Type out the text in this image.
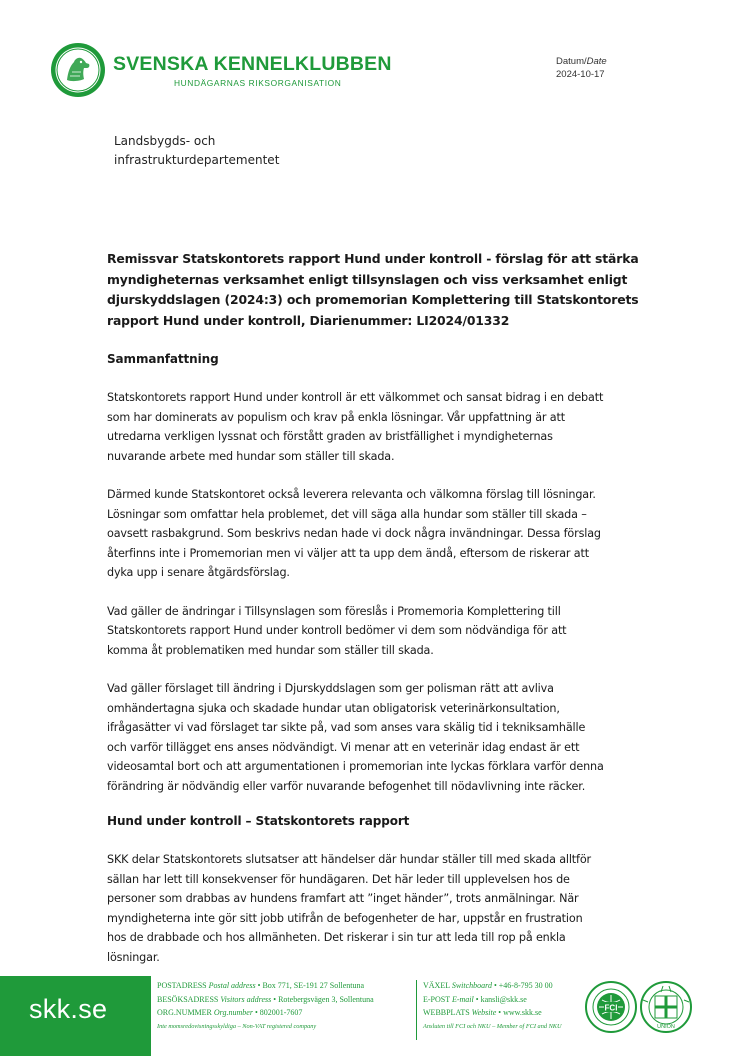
SVENSKA KENNELKLUBBEN
HUNDÄGARNAS RIKSORGANISATION
Datum/Date
2024-10-17
Landsbygds- och
infrastrukturdepartementet
Remissvar Statskontorets rapport Hund under kontroll - förslag för att stärka
myndigheternas verksamhet enligt tillsynslagen och viss verksamhet enligt
djurskyddslagen (2024:3) och promemorian Komplettering till Statskontorets
rapport Hund under kontroll, Diarienummer: LI2024/01332
Sammanfattning
Statskontorets rapport Hund under kontroll är ett välkommet och sansat bidrag i en debatt
som har dominerats av populism och krav på enkla lösningar. Vår uppfattning är att
utredarna verkligen lyssnat och förstått graden av bristfällighet i myndigheternas
nuvarande arbete med hundar som ställer till skada.
Därmed kunde Statskontoret också leverera relevanta och välkomna förslag till lösningar.
Lösningar som omfattar hela problemet, det vill säga alla hundar som ställer till skada –
oavsett rasbakgrund. Som beskrivs nedan hade vi dock några invändningar. Dessa förslag
återfinns inte i Promemorian men vi väljer att ta upp dem ändå, eftersom de riskerar att
dyka upp i senare åtgärdsförslag.
Vad gäller de ändringar i Tillsynslagen som föreslås i Promemoria Komplettering till
Statskontorets rapport Hund under kontroll bedömer vi dem som nödvändiga för att
komma åt problematiken med hundar som ställer till skada.
Vad gäller förslaget till ändring i Djurskyddslagen som ger polisman rätt att avliva
omhändertagna sjuka och skadade hundar utan obligatorisk veterinärkonsultation,
ifrågasätter vi vad förslaget tar sikte på, vad som anses vara skälig tid i tekniksamhälle
och varför tillägget ens anses nödvändigt. Vi menar att en veterinär idag endast är ett
videosamtal bort och att argumentationen i promemorian inte lyckas förklara varför denna
förändring är nödvändig eller varför nuvarande befogenhet till nödavlivning inte räcker.
Hund under kontroll – Statskontorets rapport
SKK delar Statskontorets slutsatser att händelser där hundar ställer till med skada alltför
sällan har lett till konsekvenser för hundägaren. Det här leder till upplevelsen hos de
personer som drabbas av hundens framfart att ”inget händer”, trots anmälningar. När
myndigheterna inte gör sitt jobb utifrån de befogenheter de har, uppstår en frustration
hos de drabbade och hos allmänheten. Det riskerar i sin tur att leda till rop på enkla
lösningar.
skk.se
POSTADRESS Postal address • Box 771, SE-191 27 Sollentuna
BESÖKSADRESS Visitors address • Rotebergsvägen 3, Sollentuna
ORG.NUMMER Org.number • 802001-7607
Inte momsredovisningsskyldiga – Non-VAT registered company
VÄXEL Switchboard • +46-8-795 30 00
E-POST E-mail • kansli@skk.se
WEBBPLATS Website • www.skk.se
Ansluten till FCI och NKU – Member of FCI and NKU
FCI
UNION
